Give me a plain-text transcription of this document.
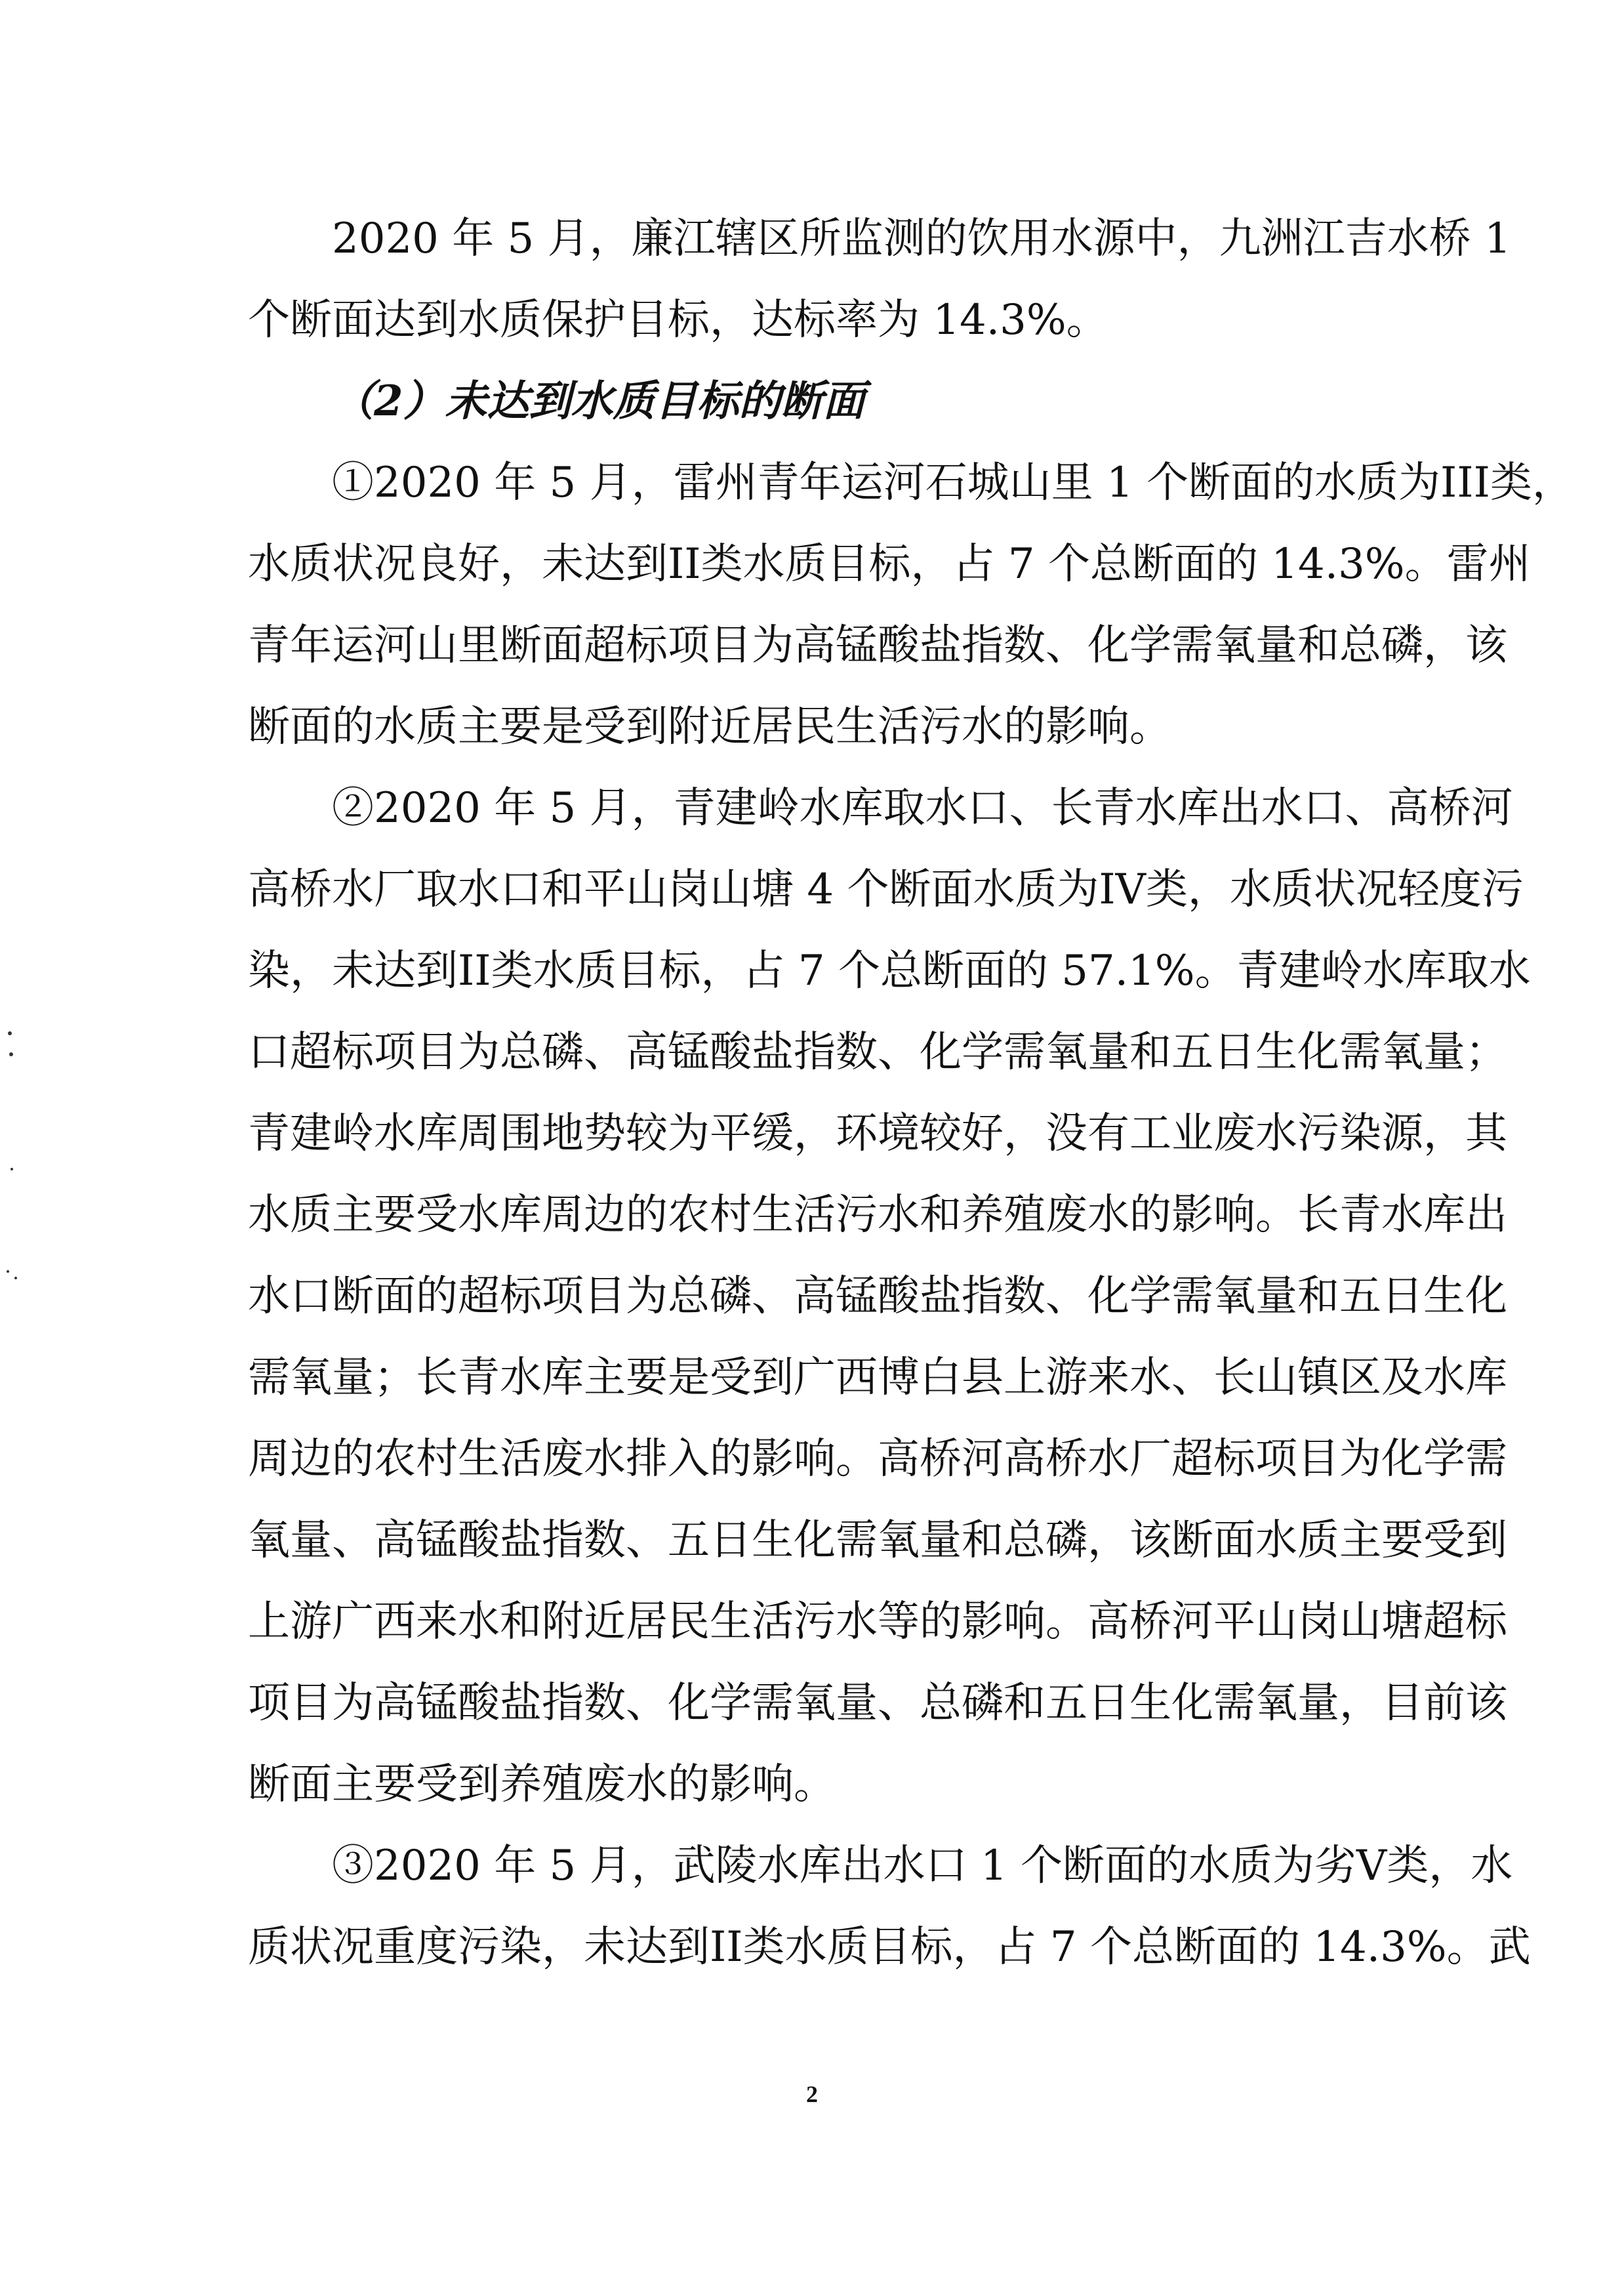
2020 年 5 月，廉江辖区所监测的饮用水源中，九洲江吉水桥 1
个断面达到水质保护目标，达标率为 14.3%。
（2）未达到水质目标的断面
①2020 年 5 月，雷州青年运河石城山里 1 个断面的水质为III类，
水质状况良好，未达到II类水质目标，占 7 个总断面的 14.3%。雷州
青年运河山里断面超标项目为高锰酸盐指数、化学需氧量和总磷，该
断面的水质主要是受到附近居民生活污水的影响。
②2020 年 5 月，青建岭水库取水口、长青水库出水口、高桥河
高桥水厂取水口和平山岗山塘 4 个断面水质为IV类，水质状况轻度污
染，未达到II类水质目标，占 7 个总断面的 57.1%。青建岭水库取水
口超标项目为总磷、高锰酸盐指数、化学需氧量和五日生化需氧量；
青建岭水库周围地势较为平缓，环境较好，没有工业废水污染源，其
水质主要受水库周边的农村生活污水和养殖废水的影响。长青水库出
水口断面的超标项目为总磷、高锰酸盐指数、化学需氧量和五日生化
需氧量；长青水库主要是受到广西博白县上游来水、长山镇区及水库
周边的农村生活废水排入的影响。高桥河高桥水厂超标项目为化学需
氧量、高锰酸盐指数、五日生化需氧量和总磷，该断面水质主要受到
上游广西来水和附近居民生活污水等的影响。高桥河平山岗山塘超标
项目为高锰酸盐指数、化学需氧量、总磷和五日生化需氧量，目前该
断面主要受到养殖废水的影响。
③2020 年 5 月，武陵水库出水口 1 个断面的水质为劣V类，水
质状况重度污染，未达到II类水质目标，占 7 个总断面的 14.3%。武
2
